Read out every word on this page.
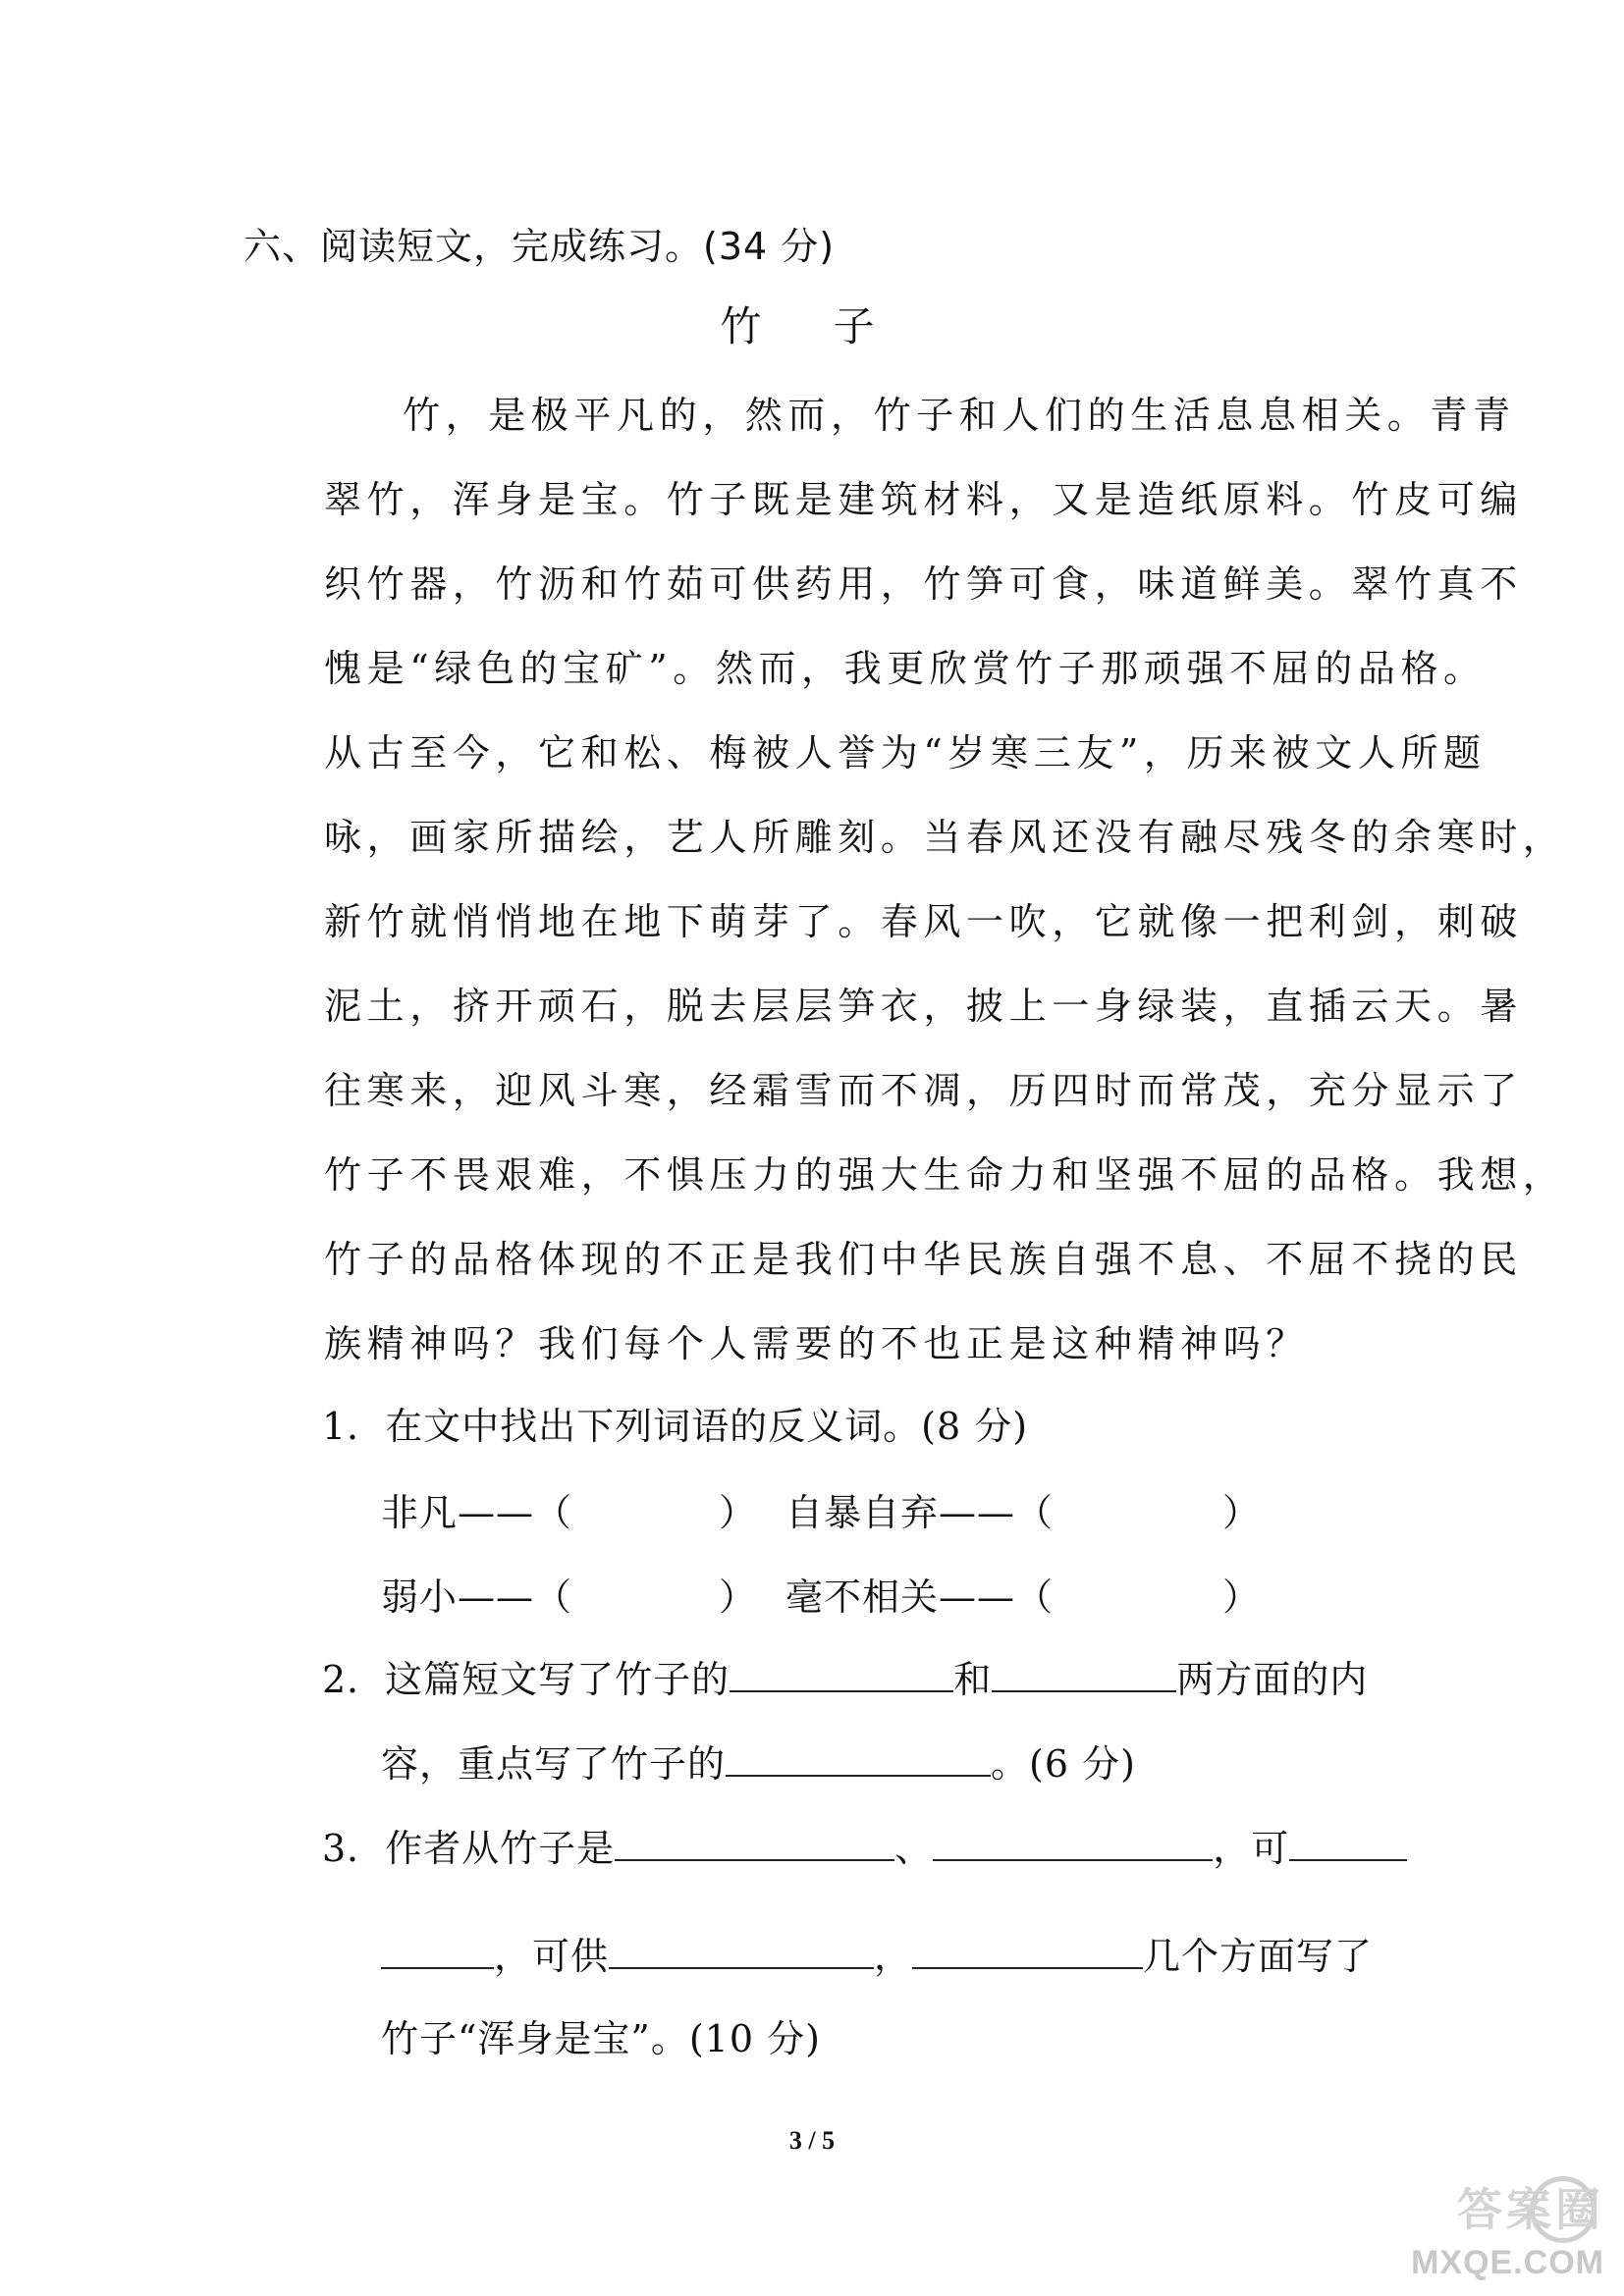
六、阅读短文，完成练习。(34 分)
竹 子
竹，是极平凡的，然而，竹子和人们的生活息息相关。青青
翠竹，浑身是宝。竹子既是建筑材料，又是造纸原料。竹皮可编
织竹器，竹沥和竹茹可供药用，竹笋可食，味道鲜美。翠竹真不
愧是“绿色的宝矿”。然而，我更欣赏竹子那顽强不屈的品格。
从古至今，它和松、梅被人誉为“岁寒三友”，历来被文人所题
咏，画家所描绘，艺人所雕刻。当春风还没有融尽残冬的余寒时，
新竹就悄悄地在地下萌芽了。春风一吹，它就像一把利剑，刺破
泥土，挤开顽石，脱去层层笋衣，披上一身绿装，直插云天。暑
往寒来，迎风斗寒，经霜雪而不凋，历四时而常茂，充分显示了
竹子不畏艰难，不惧压力的强大生命力和坚强不屈的品格。我想，
竹子的品格体现的不正是我们中华民族自强不息、不屈不挠的民
族精神吗？我们每个人需要的不也正是这种精神吗？
1．在文中找出下列词语的反义词。(8 分)
非凡——（	） 自暴自弃——（	）
弱小——（	） 毫不相关——（	）
2．这篇短文写了竹子的	和	两方面的内
容，重点写了竹子的	。(6 分)
3．作者从竹子是	、	，可
，可供	，	几个方面写了
竹子“浑身是宝”。(10 分)
3 / 5
答案圈
MXQE.COM
